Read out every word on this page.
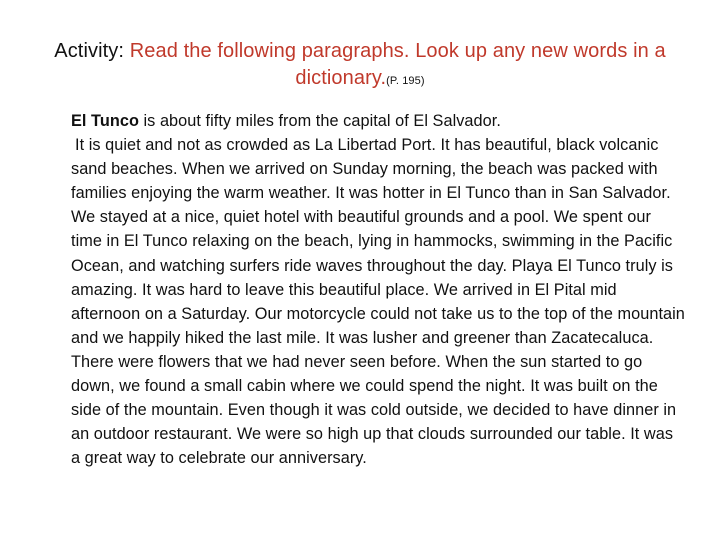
Activity: Read the following paragraphs. Look up any new words in a dictionary.(P. 195)

El Tunco is about fifty miles from the capital of El Salvador.

It is quiet and not as crowded as La Libertad Port. It has beautiful, black volcanic sand beaches. When we arrived on Sunday morning, the beach was packed with families enjoying the warm weather. It was hotter in El Tunco than in San Salvador. We stayed at a nice, quiet hotel with beautiful grounds and a pool. We spent our time in El Tunco relaxing on the beach, lying in hammocks, swimming in the Pacific Ocean, and watching surfers ride waves throughout the day. Playa El Tunco truly is amazing. It was hard to leave this beautiful place. We arrived in El Pital mid afternoon on a Saturday. Our motorcycle could not take us to the top of the mountain and we happily hiked the last mile. It was lusher and greener than Zacatecaluca. There were flowers that we had never seen before. When the sun started to go down, we found a small cabin where we could spend the night. It was built on the side of the mountain. Even though it was cold outside, we decided to have dinner in an outdoor restaurant. We were so high up that clouds surrounded our table. It was a great way to celebrate our anniversary.
